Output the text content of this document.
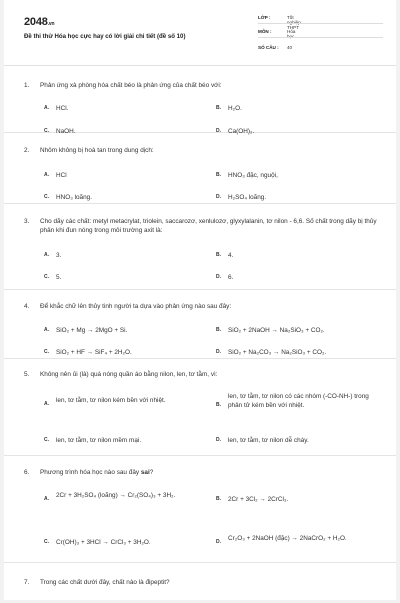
2048.vn
Đề thi thử Hóa học cực hay có lời giải chi tiết (đề số 10)
LỚP :	Tốt nghiệp THPT
MÔN :	Hóa học
SỐ CÂU :	40
1. Phản ứng xà phòng hóa chất béo là phản ứng của chất béo với:
A. HCl.	B. H₂O.
C. NaOH.	D. Ca(OH)₂.
2. Nhôm không bị hoà tan trong dung dịch:
A. HCl	B. HNO₃ đặc, nguội,
C. HNO₃ loãng.	D. H₂SO₄ loãng.
3. Cho dãy các chất: metyl metacrylat, triolein, saccarozơ, xenlulozơ, glyxylalanin, tơ nilon - 6,6. Số chất trong dãy bị thủy phân khi đun nóng trong môi trường axit là:
A. 3.	B. 4.
C. 5.	D. 6.
4. Để khắc chữ lên thủy tinh người ta dựa vào phản ứng nào sau đây:
A. SiO₂ + Mg → 2MgO + Si.	B. SiO₂ + 2NaOH → Na₂SiO₃ + CO₂.
C. SiO₂ + HF → SiF₄ + 2H₂O.	D. SiO₂ + Na₂CO₃ → Na₂SiO₃ + CO₂.
5. Không nên ủi (là) quá nóng quần áo bằng nilon, len, tơ tằm, vì:
A. len, tơ tằm, tơ nilon kém bền với nhiệt.
B.
len, tơ tằm, tơ nilon có các nhóm (-CO-NH-) trong phân tử kém bền với nhiệt.
C. len, tơ tằm, tơ nilon mềm mại.	D. len, tơ tằm, tơ nilon dễ cháy.
6. Phương trình hóa học nào sau đây sai?
A. 2Cr + 3H₂SO₄ (loãng) → Cr₂(SO₄)₃ + 3H₂.	B. 2Cr + 3Cl₂ → 2CrCl₃.
C. Cr(OH)₃ + 3HCl → CrCl₃ + 3H₂O.	D. Cr₂O₃ + 2NaOH (đặc) → 2NaCrO₂ + H₂O.
7. Trong các chất dưới đây, chất nào là đipeptit?
